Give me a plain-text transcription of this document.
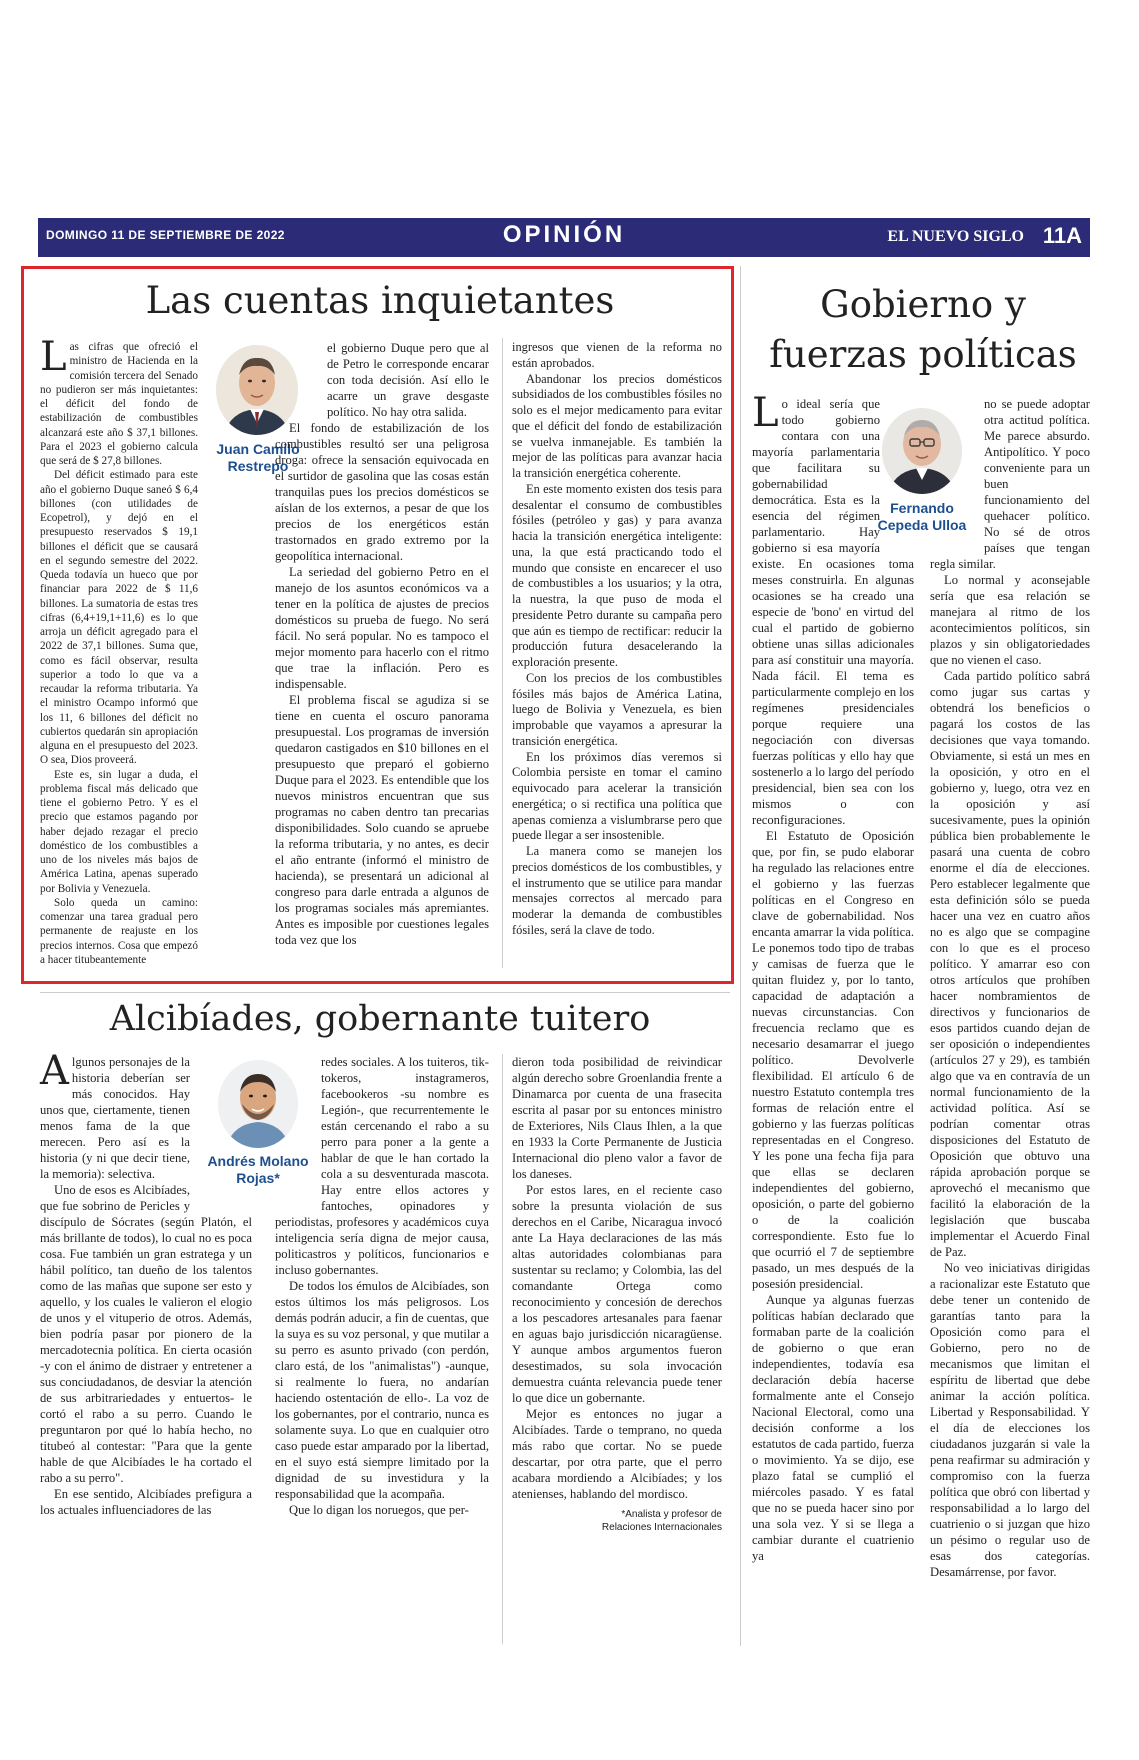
DOMINGO 11 DE SEPTIEMBRE DE 2022	OPINIÓN	EL NUEVO SIGLO 11A
Las cuentas inquietantes
Juan Camilo Restrepo

Las cifras que ofreció el ministro de Hacienda en la comisión tercera del Senado no pudieron ser más inquietantes: el déficit del fondo de estabilización de combustibles alcanzará este año $ 37,1 billones. Para el 2023 el gobierno calcula que será de $ 27,8 billones.

Del déficit estimado para este año el gobierno Duque saneó $ 6,4 billones (con utilidades de Ecopetrol), y dejó en el presupuesto reservados $ 19,1 billones el déficit que se causará en el segundo semestre del 2022. Queda todavía un hueco que por financiar para 2022 de $ 11,6 billones. La sumatoria de estas tres cifras (6,4+19,1+11,6) es lo que arroja un déficit agregado para el 2022 de 37,1 billones. Suma que, como es fácil observar, resulta superior a todo lo que va a recaudar la reforma tributaria. Ya el ministro Ocampo informó que los 11, 6 billones del déficit no cubiertos quedarán sin apropiación alguna en el presupuesto del 2023. O sea, Dios proveerá.

Este es, sin lugar a duda, el problema fiscal más delicado que tiene el gobierno Petro. Y es el precio que estamos pagando por haber dejado rezagar el precio doméstico de los combustibles a uno de los niveles más bajos de América Latina, apenas superado por Bolivia y Venezuela.

Solo queda un camino: comenzar una tarea gradual pero permanente de reajuste en los precios internos. Cosa que empezó a hacer titubeantemente

el gobierno Duque pero que al de Petro le corresponde encarar con toda decisión. Así ello le acarre un grave desgaste político. No hay otra salida.

El fondo de estabilización de los combustibles resultó ser una peligrosa droga: ofrece la sensación equivocada en el surtidor de gasolina que las cosas están tranquilas pues los precios domésticos se aíslan de los externos, a pesar de que los precios de los energéticos están trastornados en grado extremo por la geopolítica internacional.

La seriedad del gobierno Petro en el manejo de los asuntos económicos va a tener en la política de ajustes de precios domésticos su prueba de fuego. No será fácil. No será popular. No es tampoco el mejor momento para hacerlo con el ritmo que trae la inflación. Pero es indispensable.

El problema fiscal se agudiza si se tiene en cuenta el oscuro panorama presupuestal. Los programas de inversión quedaron castigados en $10 billones en el presupuesto que preparó el gobierno Duque para el 2023. Es entendible que los nuevos ministros encuentran que sus programas no caben dentro tan precarias disponibilidades. Solo cuando se apruebe la reforma tributaria, y no antes, es decir el año entrante (informó el ministro de hacienda), se presentará un adicional al congreso para darle entrada a algunos de los programas sociales más apremiantes. Antes es imposible por cuestiones legales toda vez que los

ingresos que vienen de la reforma no están aprobados.

Abandonar los precios domésticos subsidiados de los combustibles fósiles no solo es el mejor medicamento para evitar que el déficit del fondo de estabilización se vuelva inmanejable. Es también la mejor de las políticas para avanzar hacia la transición energética coherente.

En este momento existen dos tesis para desalentar el consumo de combustibles fósiles (petróleo y gas) y para avanza hacia la transición energética inteligente: una, la que está practicando todo el mundo que consiste en encarecer el uso de combustibles a los usuarios; y la otra, la nuestra, la que puso de moda el presidente Petro durante su campaña pero que aún es tiempo de rectificar: reducir la producción futura desacelerando la exploración presente.

Con los precios de los combustibles fósiles más bajos de América Latina, luego de Bolivia y Venezuela, es bien improbable que vayamos a apresurar la transición energética.

En los próximos días veremos si Colombia persiste en tomar el camino equivocado para acelerar la transición energética; o si rectifica una política que apenas comienza a vislumbrarse pero que puede llegar a ser insostenible.

La manera como se manejen los precios domésticos de los combustibles, y el instrumento que se utilice para mandar mensajes correctos al mercado para moderar la demanda de combustibles fósiles, será la clave de todo.

Alcibíades, gobernante tuitero
Andrés Molano Rojas*

Algunos personajes de la historia deberían ser más conocidos. Hay unos que, ciertamente, tienen menos fama de la que merecen. Pero así es la historia (y ni que decir tiene, la memoria): selectiva.

Uno de esos es Alcibíades, que fue sobrino de Pericles y discípulo de Sócrates (según Platón, el más brillante de todos), lo cual no es poca cosa. Fue también un gran estratega y un hábil político, tan dueño de los talentos como de las mañas que supone ser esto y aquello, y los cuales le valieron el elogio de unos y el vituperio de otros. Además, bien podría pasar por pionero de la mercadotecnia política. En cierta ocasión -y con el ánimo de distraer y entretener a sus conciudadanos, de desviar la atención de sus arbitrariedades y entuertos- le cortó el rabo a su perro. Cuando le preguntaron por qué lo había hecho, no titubeó al contestar: "Para que la gente hable de que Alcibíades le ha cortado el rabo a su perro".

En ese sentido, Alcibíades prefigura a los actuales influenciadores de las

redes sociales. A los tuiteros, tik-tokeros, instagrameros, facebookeros -su nombre es Legión-, que recurrentemente le están cercenando el rabo a su perro para poner a la gente a hablar de que le han cortado la cola a su desventurada mascota. Hay entre ellos actores y fantoches, opinadores y periodistas, profesores y académicos cuya inteligencia sería digna de mejor causa, politicastros y políticos, funcionarios e incluso gobernantes.

De todos los émulos de Alcibíades, son estos últimos los más peligrosos. Los demás podrán aducir, a fin de cuentas, que la suya es su voz personal, y que mutilar a su perro es asunto privado (con perdón, claro está, de los "animalistas") -aunque, si realmente lo fuera, no andarían haciendo ostentación de ello-. La voz de los gobernantes, por el contrario, nunca es solamente suya. Lo que en cualquier otro caso puede estar amparado por la libertad, en el suyo está siempre limitado por la dignidad de su investidura y la responsabilidad que la acompaña.

Que lo digan los noruegos, que per-

dieron toda posibilidad de reivindicar algún derecho sobre Groenlandia frente a Dinamarca por cuenta de una frasecita escrita al pasar por su entonces ministro de Exteriores, Nils Claus Ihlen, a la que en 1933 la Corte Permanente de Justicia Internacional dio pleno valor a favor de los daneses.

Por estos lares, en el reciente caso sobre la presunta violación de sus derechos en el Caribe, Nicaragua invocó ante La Haya declaraciones de las más altas autoridades colombianas para sustentar su reclamo; y Colombia, las del comandante Ortega como reconocimiento y concesión de derechos a los pescadores artesanales para faenar en aguas bajo jurisdicción nicaragüense. Y aunque ambos argumentos fueron desestimados, su sola invocación demuestra cuánta relevancia puede tener lo que dice un gobernante.

Mejor es entonces no jugar a Alcibíades. Tarde o temprano, no queda más rabo que cortar. No se puede descartar, por otra parte, que el perro acabara mordiendo a Alcibíades; y los atenienses, hablando del mordisco.

*Analista y profesor de
Relaciones Internacionales

Gobierno y
fuerzas políticas
Fernando Cepeda Ulloa

Lo ideal sería que todo gobierno contara con una mayoría parlamentaria que facilitara su gobernabilidad democrática. Esta es la esencia del régimen parlamentario. Hay gobierno si esa mayoría existe. En ocasiones toma meses construirla. En algunas ocasiones se ha creado una especie de 'bono' en virtud del cual el partido de gobierno obtiene unas sillas adicionales para así constituir una mayoría. Nada fácil. El tema es particularmente complejo en los regímenes presidenciales porque requiere una negociación con diversas fuerzas políticas y ello hay que sostenerlo a lo largo del período presidencial, bien sea con los mismos o con reconfiguraciones.

El Estatuto de Oposición que, por fin, se pudo elaborar ha regulado las relaciones entre el gobierno y las fuerzas políticas en el Congreso en clave de gobernabilidad. Nos encanta amarrar la vida política. Le ponemos todo tipo de trabas y camisas de fuerza que le quitan fluidez y, por lo tanto, capacidad de adaptación a nuevas circunstancias. Con frecuencia reclamo que es necesario desamarrar el juego político. Devolverle flexibilidad. El artículo 6 de nuestro Estatuto contempla tres formas de relación entre el gobierno y las fuerzas políticas representadas en el Congreso. Y les pone una fecha fija para que ellas se declaren independientes del gobierno, oposición, o parte del gobierno o de la coalición correspondiente. Esto fue lo que ocurrió el 7 de septiembre pasado, un mes después de la posesión presidencial.

Aunque ya algunas fuerzas políticas habían declarado que formaban parte de la coalición de gobierno o que eran independientes, todavía esa declaración debía hacerse formalmente ante el Consejo Nacional Electoral, como una decisión conforme a los estatutos de cada partido, fuerza o movimiento. Ya se dijo, ese plazo fatal se cumplió el miércoles pasado. Y es fatal que no se pueda hacer sino por una sola vez. Y si se llega a cambiar durante el cuatrienio ya

no se puede adoptar otra actitud política. Me parece absurdo. Antipolítico. Y poco conveniente para un buen funcionamiento del quehacer político. No sé de otros países que tengan regla similar.

Lo normal y aconsejable sería que esa relación se manejara al ritmo de los acontecimientos políticos, sin plazos y sin obligatoriedades que no vienen el caso.

Cada partido político sabrá como jugar sus cartas y obtendrá los beneficios o pagará los costos de las decisiones que vaya tomando. Obviamente, si está un mes en la oposición, y otro en el gobierno y, luego, otra vez en la oposición y así sucesivamente, pues la opinión pública bien probablemente le pasará una cuenta de cobro enorme el día de elecciones. Pero establecer legalmente que esta definición sólo se pueda hacer una vez en cuatro años no es algo que se compagine con lo que es el proceso político. Y amarrar eso con otros artículos que prohíben hacer nombramientos de directivos y funcionarios de esos partidos cuando dejan de ser oposición o independientes (artículos 27 y 29), es también algo que va en contravía de un normal funcionamiento de la actividad política. Así se podrían comentar otras disposiciones del Estatuto de Oposición que obtuvo una rápida aprobación porque se aprovechó el mecanismo que facilitó la elaboración de la legislación que buscaba implementar el Acuerdo Final de Paz.

No veo iniciativas dirigidas a racionalizar este Estatuto que debe tener un contenido de garantías tanto para la Oposición como para el Gobierno, pero no de mecanismos que limitan el espíritu de libertad que debe animar la acción política. Libertad y Responsabilidad. Y el día de elecciones los ciudadanos juzgarán si vale la pena reafirmar su admiración y compromiso con la fuerza política que obró con libertad y responsabilidad a lo largo del cuatrienio o si juzgan que hizo un pésimo o regular uso de esas dos categorías. Desamárrense, por favor.
